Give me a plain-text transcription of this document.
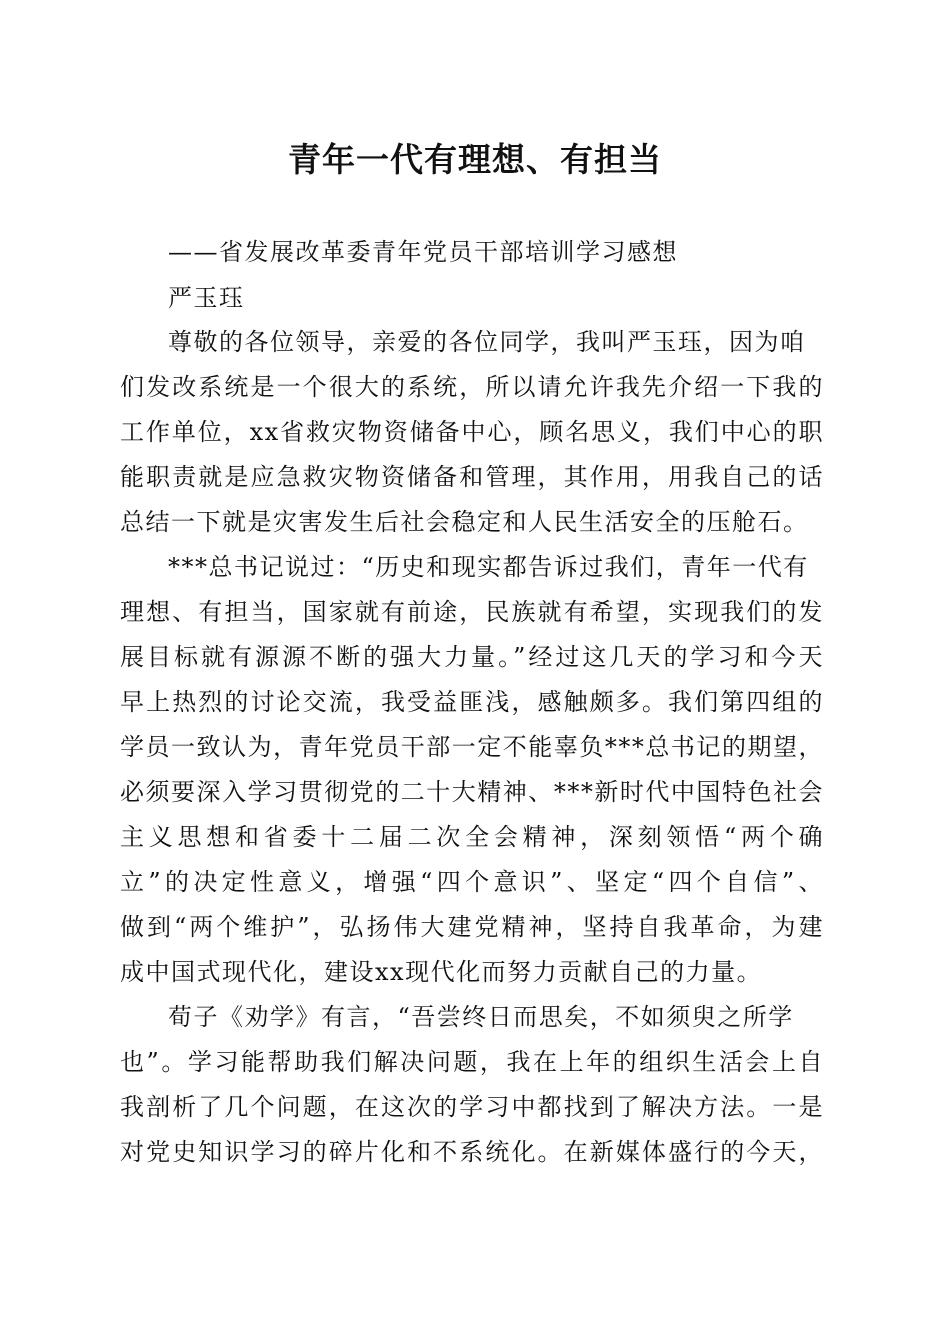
青年一代有理想、有担当
——省发展改革委青年党员干部培训学习感想
严玉珏
尊敬的各位领导，亲爱的各位同学，我叫严玉珏，因为咱
们发改系统是一个很大的系统，所以请允许我先介绍一下我的
工作单位，xx省救灾物资储备中心，顾名思义，我们中心的职
能职责就是应急救灾物资储备和管理，其作用，用我自己的话
总结一下就是灾害发生后社会稳定和人民生活安全的压舱石。
***总书记说过：“历史和现实都告诉过我们，青年一代有
理想、有担当，国家就有前途，民族就有希望，实现我们的发
展目标就有源源不断的强大力量。”经过这几天的学习和今天
早上热烈的讨论交流，我受益匪浅，感触颇多。我们第四组的
学员一致认为，青年党员干部一定不能辜负***总书记的期望，
必须要深入学习贯彻党的二十大精神、***新时代中国特色社会
主义思想和省委十二届二次全会精神，深刻领悟“两个确
立”的决定性意义，增强“四个意识”、坚定“四个自信”、
做到“两个维护”，弘扬伟大建党精神，坚持自我革命，为建
成中国式现代化，建设xx现代化而努力贡献自己的力量。
荀子《劝学》有言，“吾尝终日而思矣，不如须臾之所学
也”。学习能帮助我们解决问题，我在上年的组织生活会上自
我剖析了几个问题，在这次的学习中都找到了解决方法。一是
对党史知识学习的碎片化和不系统化。在新媒体盛行的今天，
